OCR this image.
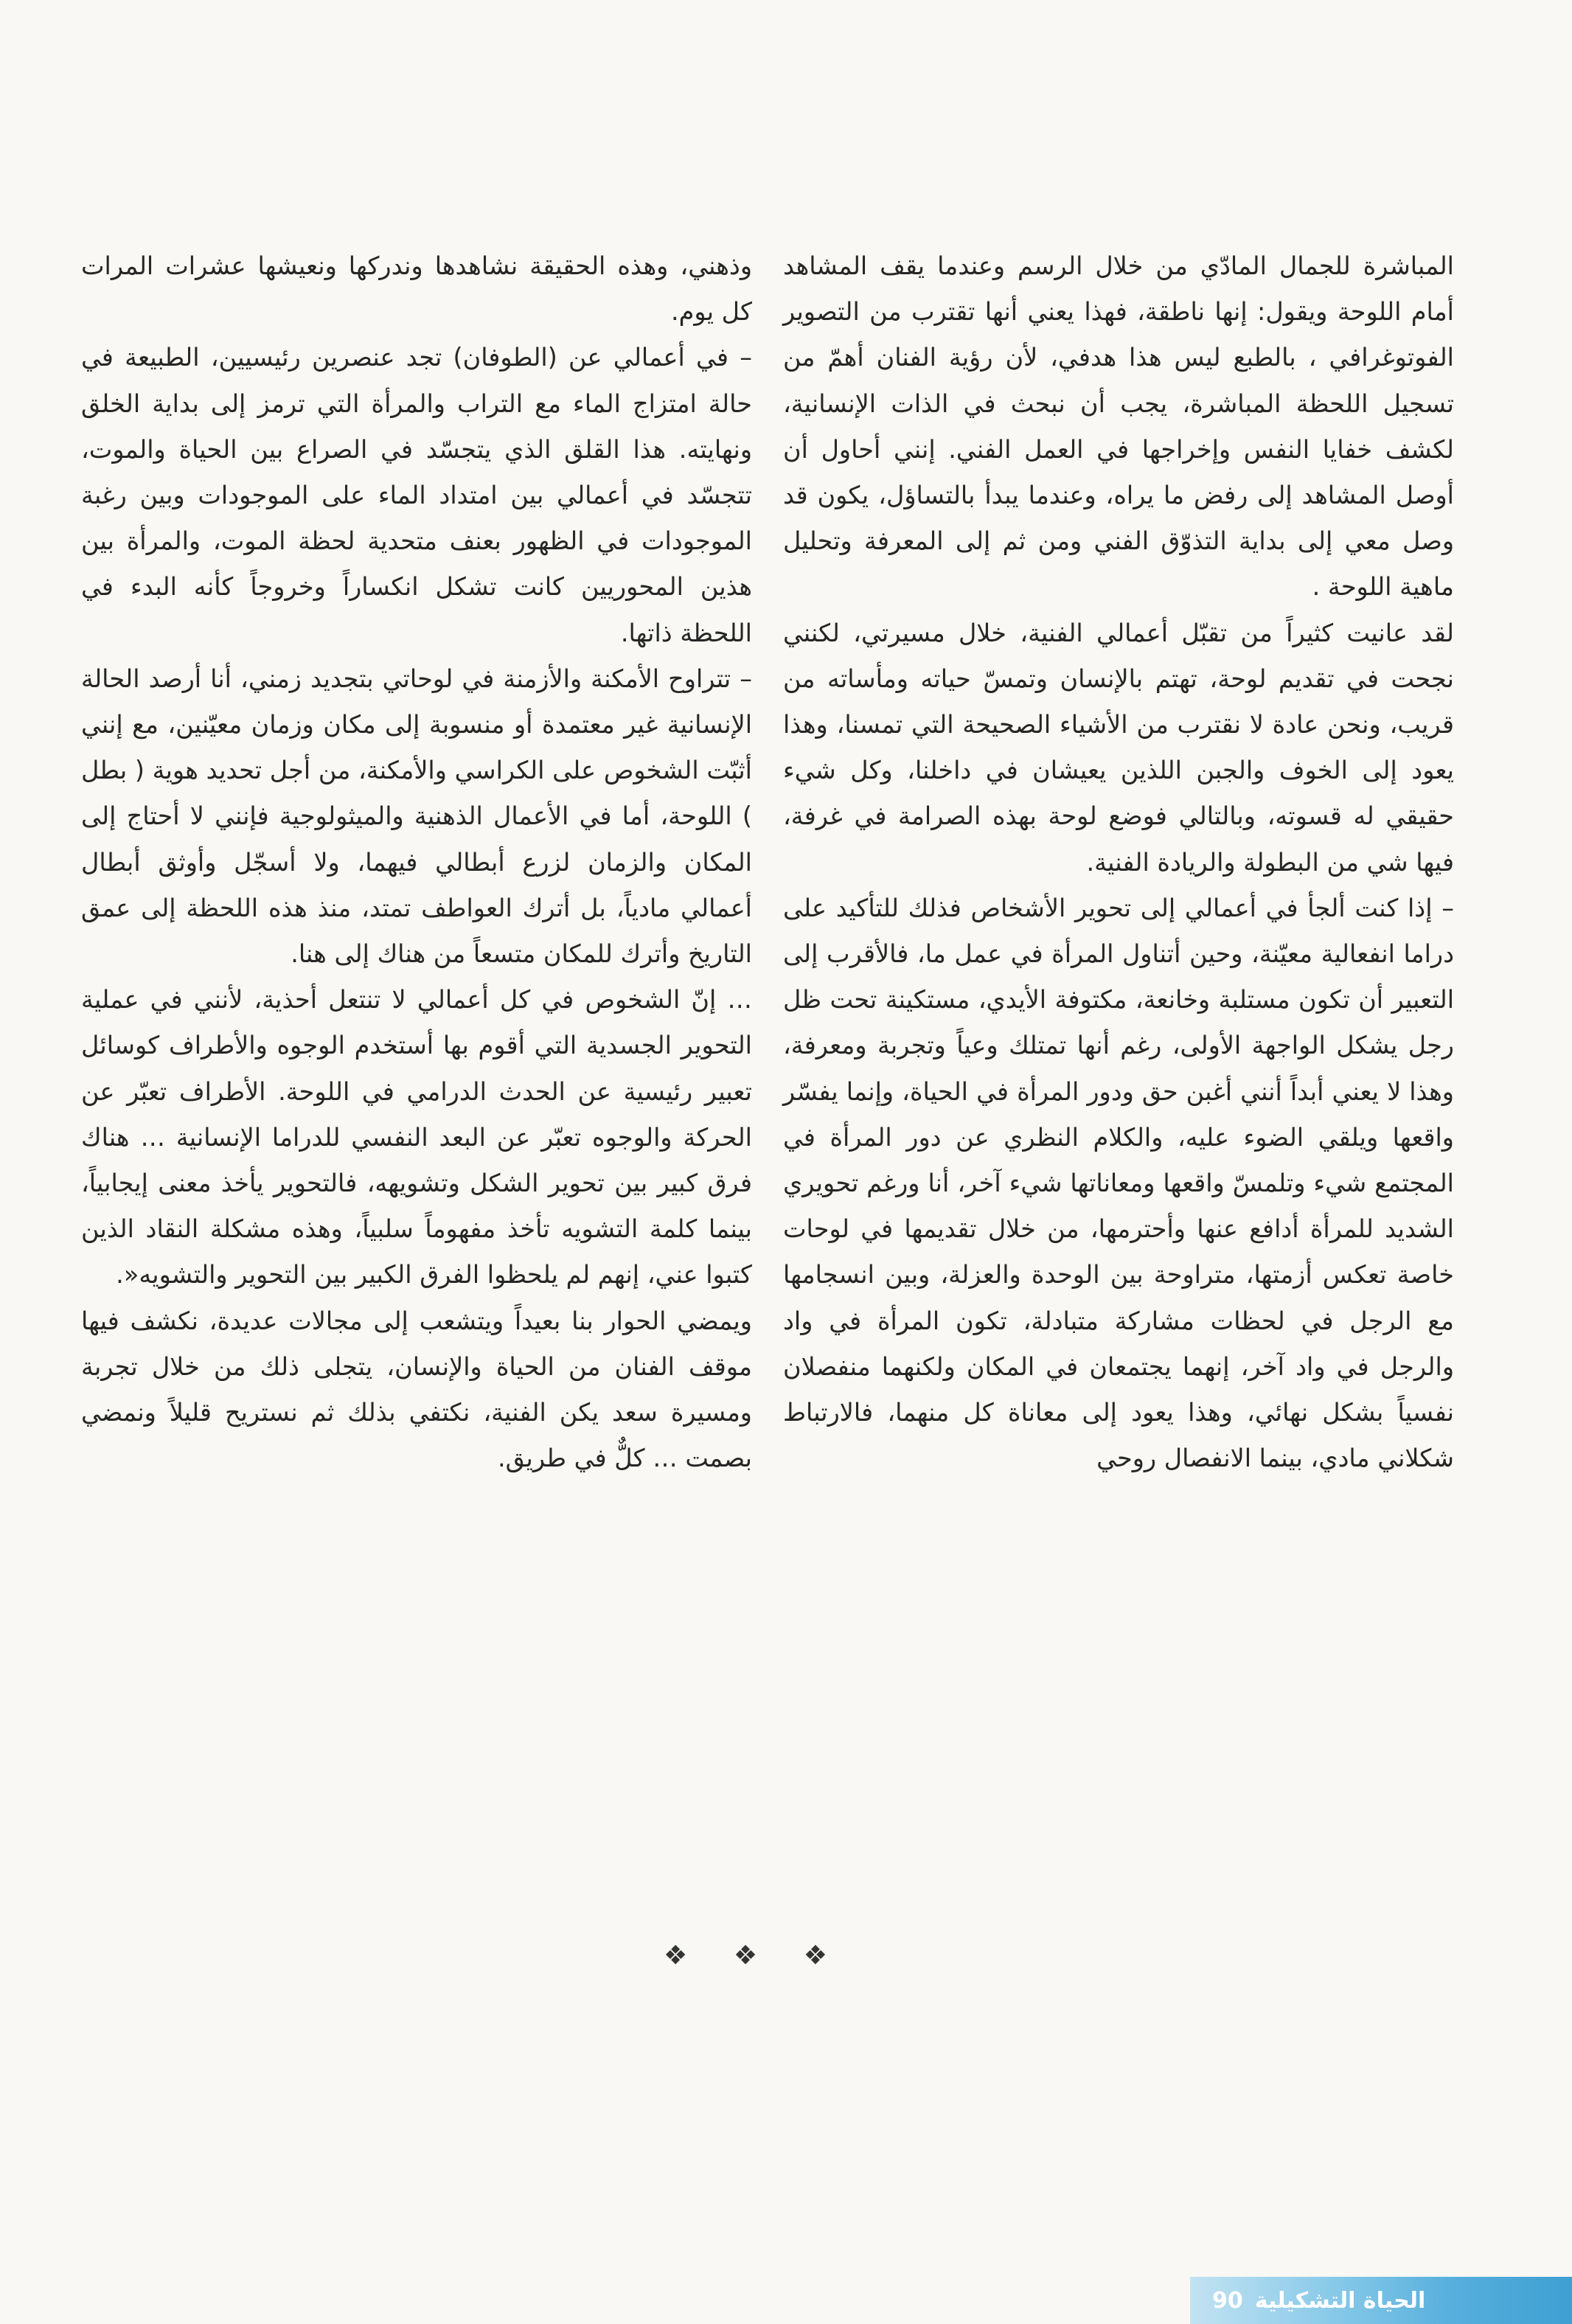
المباشرة للجمال المادّي من خلال الرسم وعندما يقف المشاهد أمام اللوحة ويقول: إنها ناطقة، فهذا يعني أنها تقترب من التصوير الفوتوغرافي ، بالطبع ليس هذا هدفي، لأن رؤية الفنان أهمّ من تسجيل اللحظة المباشرة، يجب أن نبحث في الذات الإنسانية، لكشف خفايا النفس وإخراجها في العمل الفني. إنني أحاول أن أوصل المشاهد إلى رفض ما يراه، وعندما يبدأ بالتساؤل، يكون قد وصل معي إلى بداية التذوّق الفني ومن ثم إلى المعرفة وتحليل ماهية اللوحة .

لقد عانيت كثيراً من تقبّل أعمالي الفنية، خلال مسيرتي، لكنني نجحت في تقديم لوحة، تهتم بالإنسان وتمسّ حياته ومأساته من قريب، ونحن عادة لا نقترب من الأشياء الصحيحة التي تمسنا، وهذا يعود إلى الخوف والجبن اللذين يعيشان في داخلنا، وكل شيء حقيقي له قسوته، وبالتالي فوضع لوحة بهذه الصرامة في غرفة، فيها شي من البطولة والريادة الفنية.

– إذا كنت ألجأ في أعمالي إلى تحوير الأشخاص فذلك للتأكيد على دراما انفعالية معيّنة، وحين أتناول المرأة في عمل ما، فالأقرب إلى التعبير أن تكون مستلبة وخانعة، مكتوفة الأيدي، مستكينة تحت ظل رجل يشكل الواجهة الأولى، رغم أنها تمتلك وعياً وتجربة ومعرفة، وهذا لا يعني أبداً أنني أغبن حق ودور المرأة في الحياة، وإنما يفسّر واقعها ويلقي الضوء عليه، والكلام النظري عن دور المرأة في المجتمع شيء وتلمسّ واقعها ومعاناتها شيء آخر، أنا ورغم تحويري الشديد للمرأة أدافع عنها وأحترمها، من خلال تقديمها في لوحات خاصة تعكس أزمتها، متراوحة بين الوحدة والعزلة، وبين انسجامها مع الرجل في لحظات مشاركة متبادلة، تكون المرأة في واد والرجل في واد آخر، إنهما يجتمعان في المكان ولكنهما منفصلان نفسياً بشكل نهائي، وهذا يعود إلى معاناة كل منهما، فالارتباط شكلاني مادي، بينما الانفصال روحي

وذهني، وهذه الحقيقة نشاهدها وندركها ونعيشها عشرات المرات كل يوم.

– في أعمالي عن (الطوفان) تجد عنصرين رئيسيين، الطبيعة في حالة امتزاج الماء مع التراب والمرأة التي ترمز إلى بداية الخلق ونهايته. هذا القلق الذي يتجسّد في الصراع بين الحياة والموت، تتجسّد في أعمالي بين امتداد الماء على الموجودات وبين رغبة الموجودات في الظهور بعنف متحدية لحظة الموت، والمرأة بين هذين المحوريين كانت تشكل انكساراً وخروجاً كأنه البدء في اللحظة ذاتها.

– تتراوح الأمكنة والأزمنة في لوحاتي بتجديد زمني، أنا أرصد الحالة الإنسانية غير معتمدة أو منسوبة إلى مكان وزمان معيّنين، مع إنني أثبّت الشخوص على الكراسي والأمكنة، من أجل تحديد هوية ( بطل ) اللوحة، أما في الأعمال الذهنية والميثولوجية فإنني لا أحتاج إلى المكان والزمان لزرع أبطالي فيهما، ولا أسجّل وأوثق أبطال أعمالي مادياً، بل أترك العواطف تمتد، منذ هذه اللحظة إلى عمق التاريخ وأترك للمكان متسعاً من هناك إلى هنا.

… إنّ الشخوص في كل أعمالي لا تنتعل أحذية، لأنني في عملية التحوير الجسدية التي أقوم بها أستخدم الوجوه والأطراف كوسائل تعبير رئيسية عن الحدث الدرامي في اللوحة. الأطراف تعبّر عن الحركة والوجوه تعبّر عن البعد النفسي للدراما الإنسانية … هناك فرق كبير بين تحوير الشكل وتشويهه، فالتحوير يأخذ معنى إيجابياً، بينما كلمة التشويه تأخذ مفهوماً سلبياً، وهذه مشكلة النقاد الذين كتبوا عني، إنهم لم يلحظوا الفرق الكبير بين التحوير والتشويه«.

ويمضي الحوار بنا بعيداً ويتشعب إلى مجالات عديدة، نكشف فيها موقف الفنان من الحياة والإنسان، يتجلى ذلك من خلال تجربة ومسيرة سعد يكن الفنية، نكتفي بذلك ثم نستريح قليلاً ونمضي بصمت … كلٌّ في طريق.

❖ ❖ ❖
90 الحياة التشكيلية
